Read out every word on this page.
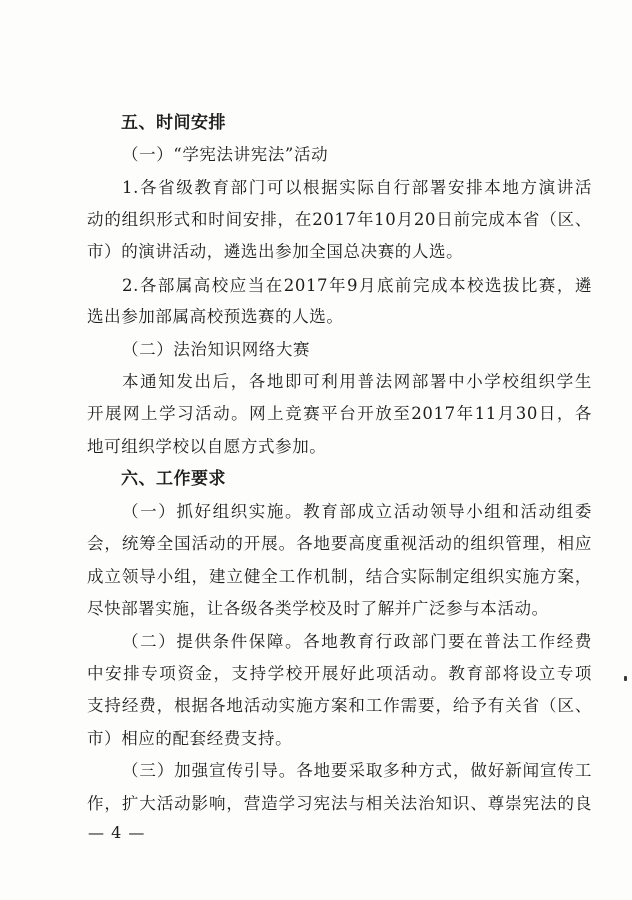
五、时间安排
（一）“学宪法讲宪法”活动
1.各省级教育部门可以根据实际自行部署安排本地方演讲活
动的组织形式和时间安排，在2017年10月20日前完成本省（区、
市）的演讲活动，遴选出参加全国总决赛的人选。
2.各部属高校应当在2017年9月底前完成本校选拔比赛，遴
选出参加部属高校预选赛的人选。
（二）法治知识网络大赛
本通知发出后，各地即可利用普法网部署中小学校组织学生
开展网上学习活动。网上竞赛平台开放至2017年11月30日，各
地可组织学校以自愿方式参加。
六、工作要求
（一）抓好组织实施。教育部成立活动领导小组和活动组委
会，统筹全国活动的开展。各地要高度重视活动的组织管理，相应
成立领导小组，建立健全工作机制，结合实际制定组织实施方案，
尽快部署实施，让各级各类学校及时了解并广泛参与本活动。
（二）提供条件保障。各地教育行政部门要在普法工作经费
中安排专项资金，支持学校开展好此项活动。教育部将设立专项
支持经费，根据各地活动实施方案和工作需要，给予有关省（区、
市）相应的配套经费支持。
（三）加强宣传引导。各地要采取多种方式，做好新闻宣传工
作，扩大活动影响，营造学习宪法与相关法治知识、尊崇宪法的良
— 4 —
